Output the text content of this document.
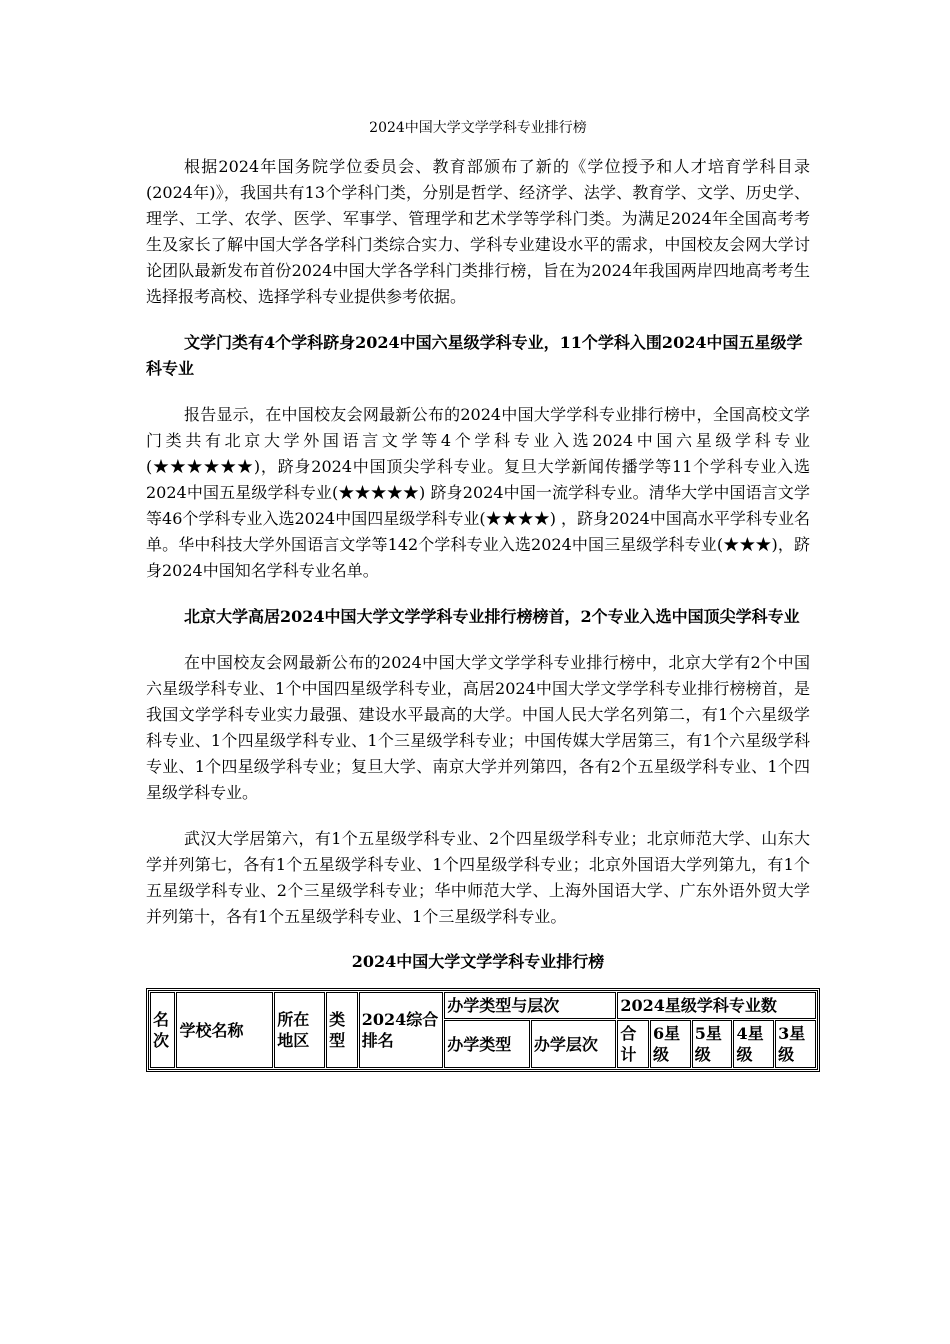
2024中国大学文学学科专业排行榜

根据2024年国务院学位委员会、教育部颁布了新的《学位授予和人才培育学科目录(2024年)》，我国共有13个学科门类，分别是哲学、经济学、法学、教育学、文学、历史学、理学、工学、农学、医学、军事学、管理学和艺术学等学科门类。为满足2024年全国高考考生及家长了解中国大学各学科门类综合实力、学科专业建设水平的需求，中国校友会网大学讨论团队最新发布首份2024中国大学各学科门类排行榜，旨在为2024年我国两岸四地高考考生选择报考高校、选择学科专业提供参考依据。

文学门类有4个学科跻身2024中国六星级学科专业，11个学科入围2024中国五星级学科专业

报告显示，在中国校友会网最新公布的2024中国大学学科专业排行榜中，全国高校文学门类共有北京大学外国语言文学等4个学科专业入选2024中国六星级学科专业(★★★★★★)，跻身2024中国顶尖学科专业。复旦大学新闻传播学等11个学科专业入选2024中国五星级学科专业(★★★★★) 跻身2024中国一流学科专业。清华大学中国语言文学等46个学科专业入选2024中国四星级学科专业(★★★★) ，跻身2024中国高水平学科专业名单。华中科技大学外国语言文学等142个学科专业入选2024中国三星级学科专业(★★★)，跻身2024中国知名学科专业名单。

北京大学高居2024中国大学文学学科专业排行榜榜首，2个专业入选中国顶尖学科专业

在中国校友会网最新公布的2024中国大学文学学科专业排行榜中，北京大学有2个中国六星级学科专业、1个中国四星级学科专业，高居2024中国大学文学学科专业排行榜榜首，是我国文学学科专业实力最强、建设水平最高的大学。中国人民大学名列第二，有1个六星级学科专业、1个四星级学科专业、1个三星级学科专业；中国传媒大学居第三，有1个六星级学科专业、1个四星级学科专业；复旦大学、南京大学并列第四，各有2个五星级学科专业、1个四星级学科专业。

武汉大学居第六，有1个五星级学科专业、2个四星级学科专业；北京师范大学、山东大学并列第七，各有1个五星级学科专业、1个四星级学科专业；北京外国语大学列第九，有1个五星级学科专业、2个三星级学科专业；华中师范大学、上海外国语大学、广东外语外贸大学并列第十，各有1个五星级学科专业、1个三星级学科专业。

2024中国大学文学学科专业排行榜
名次	学校名称	所在地区	类型	2024综合排名	办学类型与层次		2024星级学科专业数				
					办学类型	办学层次	合计	6星级	5星级	4星级	3星级
